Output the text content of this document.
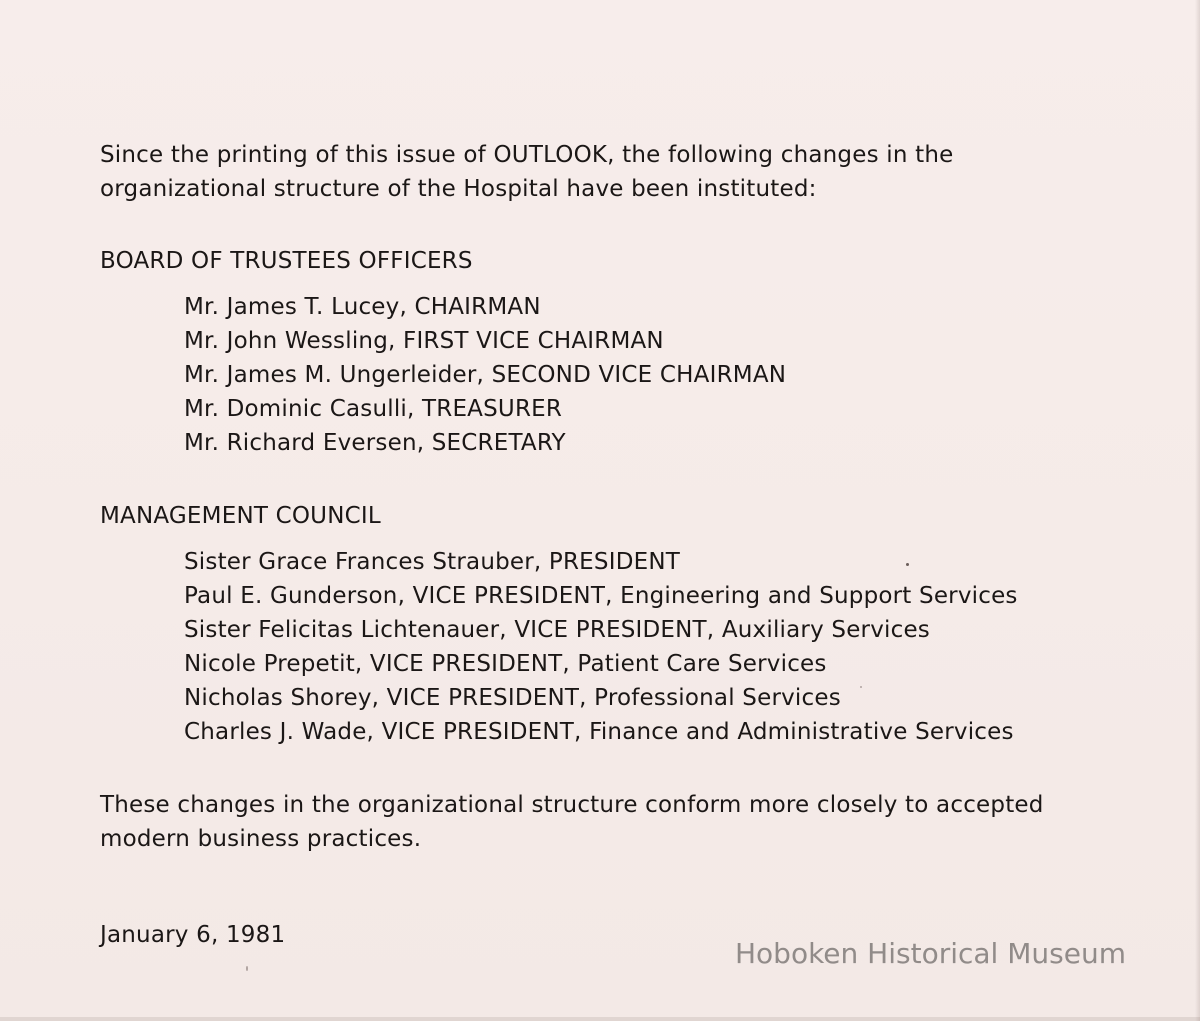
Since the printing of this issue of OUTLOOK, the following changes in the

organizational structure of the Hospital have been instituted:

BOARD OF TRUSTEES OFFICERS
Mr. James T. Lucey, CHAIRMAN
Mr. John Wessling, FIRST VICE CHAIRMAN
Mr. James M. Ungerleider, SECOND VICE CHAIRMAN
Mr. Dominic Casulli, TREASURER
Mr. Richard Eversen, SECRETARY
MANAGEMENT COUNCIL
Sister Grace Frances Strauber, PRESIDENT
Paul E. Gunderson, VICE PRESIDENT, Engineering and Support Services
Sister Felicitas Lichtenauer, VICE PRESIDENT, Auxiliary Services
Nicole Prepetit, VICE PRESIDENT, Patient Care Services
Nicholas Shorey, VICE PRESIDENT, Professional Services
Charles J. Wade, VICE PRESIDENT, Finance and Administrative Services

These changes in the organizational structure conform more closely to accepted

modern business practices.

January 6, 1981
Hoboken Historical Museum
